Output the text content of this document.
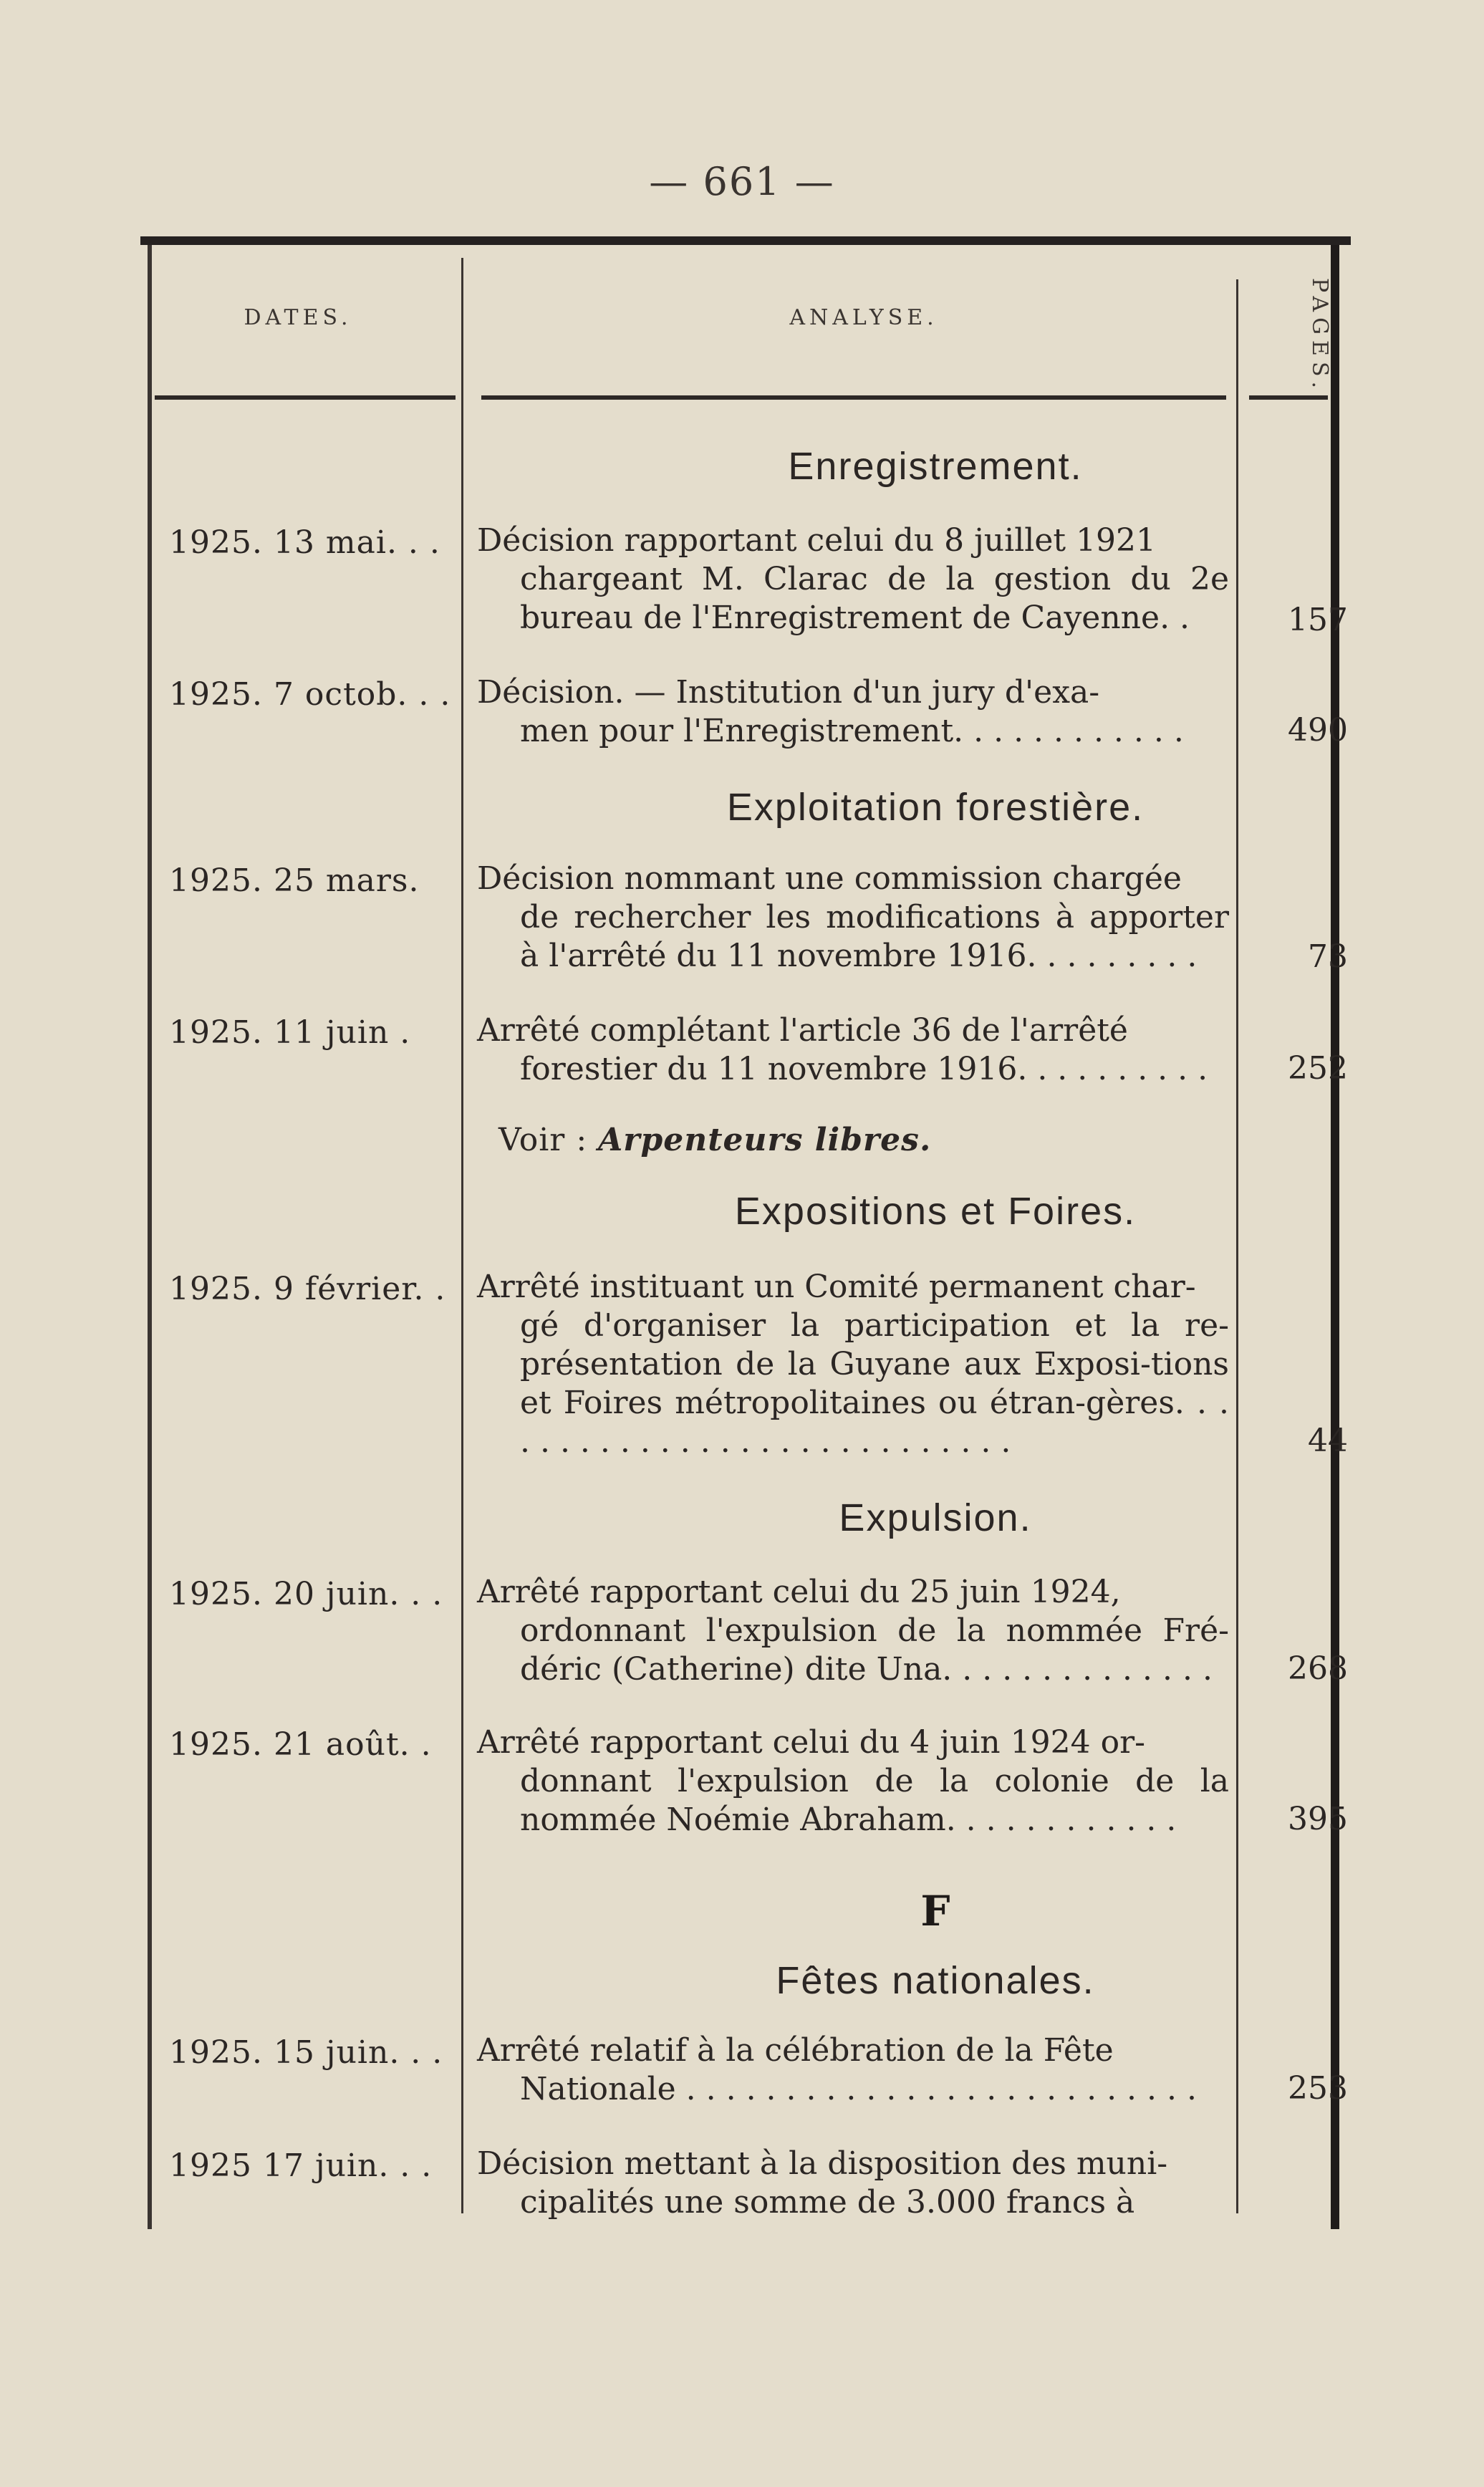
— 661 —
DATES.	ANALYSE.	PAGES.
Enregistrement.
1925. 13 mai. . .	Décision rapportant celui du 8 juillet 1921
chargeant M. Clarac de la gestion du 2e bureau de l'Enregistrement de Cayenne. .	157
1925. 7 octob. . . Décision. — Institution d'un jury d'exa-
men pour l'Enregistrement. . . . . . . . . . . .	490
Exploitation forestière.
1925. 25 mars.	Décision nommant une commission chargée
de rechercher les modifications à apporter à l'arrêté du 11 novembre 1916. . . . . . . . .	73
1925. 11 juin .	Arrêté complétant l'article 36 de l'arrêté
forestier du 11 novembre 1916. . . . . . . . . .	252
Voir : Arpenteurs libres.
Expositions et Foires.
1925. 9 février. . Arrêté instituant un Comité permanent char-
gé d'organiser la participation et la re-présentation de la Guyane aux Exposi-tions et Foires métropolitaines ou étran-gères. . . . . . . . . . . . . . . . . . . . . . . . . . . .	44
Expulsion.
1925. 20 juin. . .	Arrêté rapportant celui du 25 juin 1924,
ordonnant l'expulsion de la nommée Fré-déric (Catherine) dite Una. . . . . . . . . . . . . .	268
1925. 21 août. .	Arrêté rapportant celui du 4 juin 1924 or-
donnant l'expulsion de la colonie de la nommée Noémie Abraham. . . . . . . . . . . .	395
F
Fêtes nationales.
1925. 15 juin. . .	Arrêté relatif à la célébration de la Fête
Nationale . . . . . . . . . . . . . . . . . . . . . . . . . .	253
1925 17 juin. . .	Décision mettant à la disposition des muni-
cipalités une somme de 3.000 francs à
